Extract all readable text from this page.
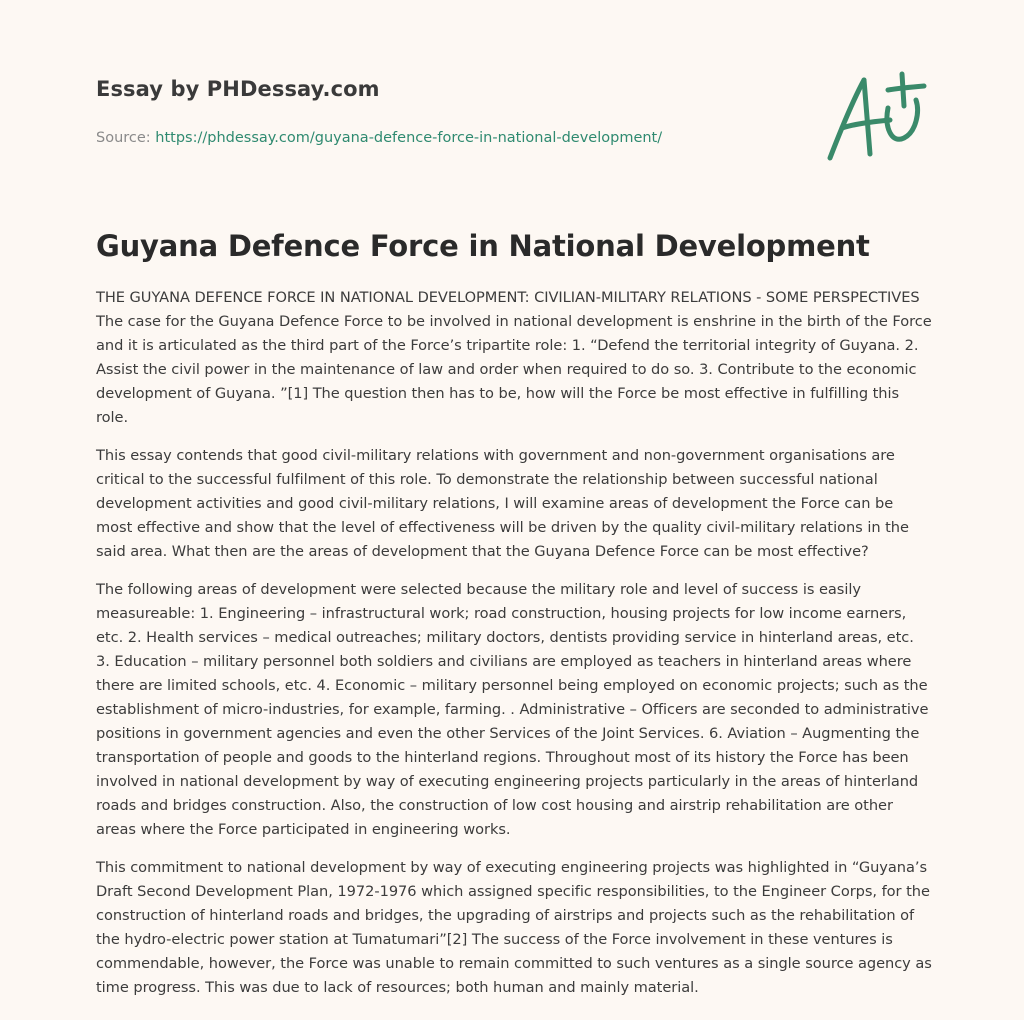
Essay by PHDessay.com
Source: https://phdessay.com/guyana-defence-force-in-national-development/
Guyana Defence Force in National Development

THE GUYANA DEFENCE FORCE IN NATIONAL DEVELOPMENT: CIVILIAN-MILITARY RELATIONS - SOME PERSPECTIVES The case for the Guyana Defence Force to be involved in national development is enshrine in the birth of the Force and it is articulated as the third part of the Force’s tripartite role: 1. “Defend the territorial integrity of Guyana. 2. Assist the civil power in the maintenance of law and order when required to do so. 3. Contribute to the economic development of Guyana. ”[1] The question then has to be, how will the Force be most effective in fulfilling this role.

This essay contends that good civil-military relations with government and non-government organisations are critical to the successful fulfilment of this role. To demonstrate the relationship between successful national development activities and good civil-military relations, I will examine areas of development the Force can be most effective and show that the level of effectiveness will be driven by the quality civil-military relations in the said area. What then are the areas of development that the Guyana Defence Force can be most effective?

The following areas of development were selected because the military role and level of success is easily measureable: 1. Engineering – infrastructural work; road construction, housing projects for low income earners, etc. 2. Health services – medical outreaches; military doctors, dentists providing service in hinterland areas, etc. 3. Education – military personnel both soldiers and civilians are employed as teachers in hinterland areas where there are limited schools, etc. 4. Economic – military personnel being employed on economic projects; such as the establishment of micro-industries, for example, farming. . Administrative – Officers are seconded to administrative positions in government agencies and even the other Services of the Joint Services. 6. Aviation – Augmenting the transportation of people and goods to the hinterland regions. Throughout most of its history the Force has been involved in national development by way of executing engineering projects particularly in the areas of hinterland roads and bridges construction. Also, the construction of low cost housing and airstrip rehabilitation are other areas where the Force participated in engineering works.

This commitment to national development by way of executing engineering projects was highlighted in “Guyana’s Draft Second Development Plan, 1972-1976 which assigned specific responsibilities, to the Engineer Corps, for the construction of hinterland roads and bridges, the upgrading of airstrips and projects such as the rehabilitation of the hydro-electric power station at Tumatumari”[2] The success of the Force involvement in these ventures is commendable, however, the Force was unable to remain committed to such ventures as a single source agency as time progress. This was due to lack of resources; both human and mainly material.
